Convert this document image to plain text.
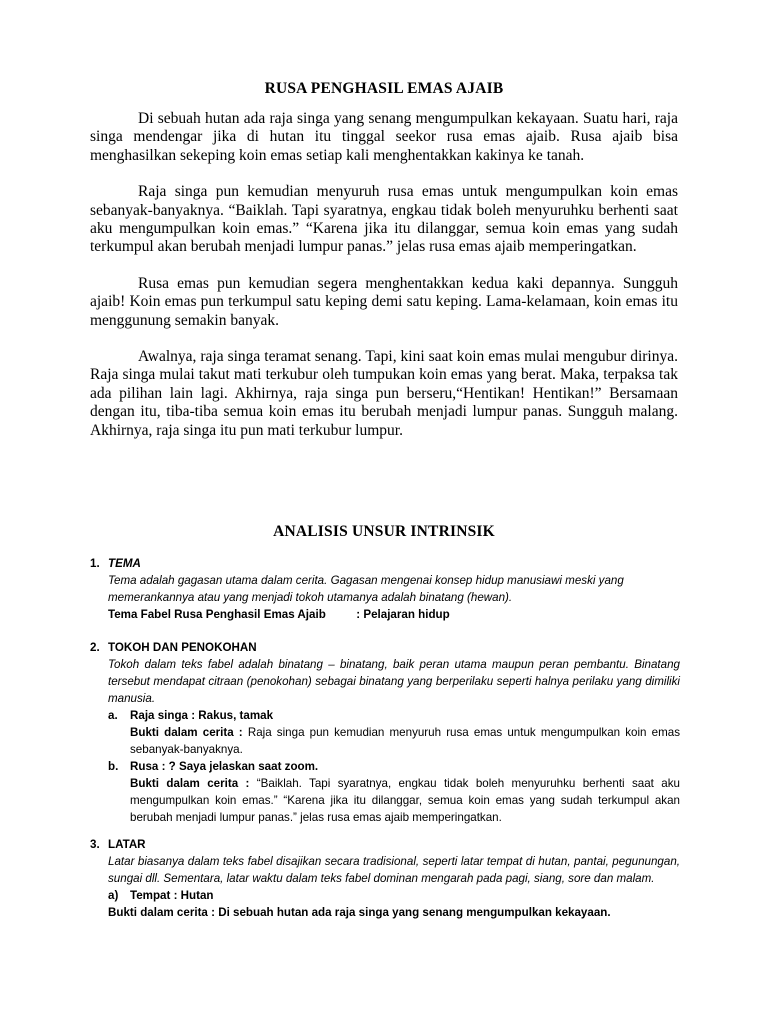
RUSA PENGHASIL EMAS AJAIB

Di sebuah hutan ada raja singa yang senang mengumpulkan kekayaan. Suatu hari, raja singa mendengar jika di hutan itu tinggal seekor rusa emas ajaib. Rusa ajaib bisa menghasilkan sekeping koin emas setiap kali menghentakkan kakinya ke tanah.

Raja singa pun kemudian menyuruh rusa emas untuk mengumpulkan koin emas sebanyak-banyaknya. “Baiklah. Tapi syaratnya, engkau tidak boleh menyuruhku berhenti saat aku mengumpulkan koin emas.” “Karena jika itu dilanggar, semua koin emas yang sudah terkumpul akan berubah menjadi lumpur panas.” jelas rusa emas ajaib memperingatkan.

Rusa emas pun kemudian segera menghentakkan kedua kaki depannya. Sungguh ajaib! Koin emas pun terkumpul satu keping demi satu keping. Lama-kelamaan, koin emas itu menggunung semakin banyak.

Awalnya, raja singa teramat senang. Tapi, kini saat koin emas mulai mengubur dirinya. Raja singa mulai takut mati terkubur oleh tumpukan koin emas yang berat. Maka, terpaksa tak ada pilihan lain lagi. Akhirnya, raja singa pun berseru,“Hentikan! Hentikan!” Bersamaan dengan itu, tiba-tiba semua koin emas itu berubah menjadi lumpur panas. Sungguh malang. Akhirnya, raja singa itu pun mati terkubur lumpur.

ANALISIS UNSUR INTRINSIK
1. TEMA
Tema adalah gagasan utama dalam cerita. Gagasan mengenai konsep hidup manusiawi meski yang memerankannya atau yang menjadi tokoh utamanya adalah binatang (hewan).
Tema Fabel Rusa Penghasil Emas Ajaib	: Pelajaran hidup
2. TOKOH DAN PENOKOHAN
Tokoh dalam teks fabel adalah binatang – binatang, baik peran utama maupun peran pembantu. Binatang tersebut mendapat citraan (penokohan) sebagai binatang yang berperilaku seperti halnya perilaku yang dimiliki manusia.
a.	Raja singa : Rakus, tamak
Bukti dalam cerita : Raja singa pun kemudian menyuruh rusa emas untuk mengumpulkan koin emas sebanyak-banyaknya.
b.	Rusa : ? Saya jelaskan saat zoom.
Bukti dalam cerita : “Baiklah. Tapi syaratnya, engkau tidak boleh menyuruhku berhenti saat aku mengumpulkan koin emas.” “Karena jika itu dilanggar, semua koin emas yang sudah terkumpul akan berubah menjadi lumpur panas.” jelas rusa emas ajaib memperingatkan.
3. LATAR
Latar biasanya dalam teks fabel disajikan secara tradisional, seperti latar tempat di hutan, pantai, pegunungan, sungai dll. Sementara, latar waktu dalam teks fabel dominan mengarah pada pagi, siang, sore dan malam.
a)	Tempat : Hutan
Bukti dalam cerita : Di sebuah hutan ada raja singa yang senang mengumpulkan kekayaan.
